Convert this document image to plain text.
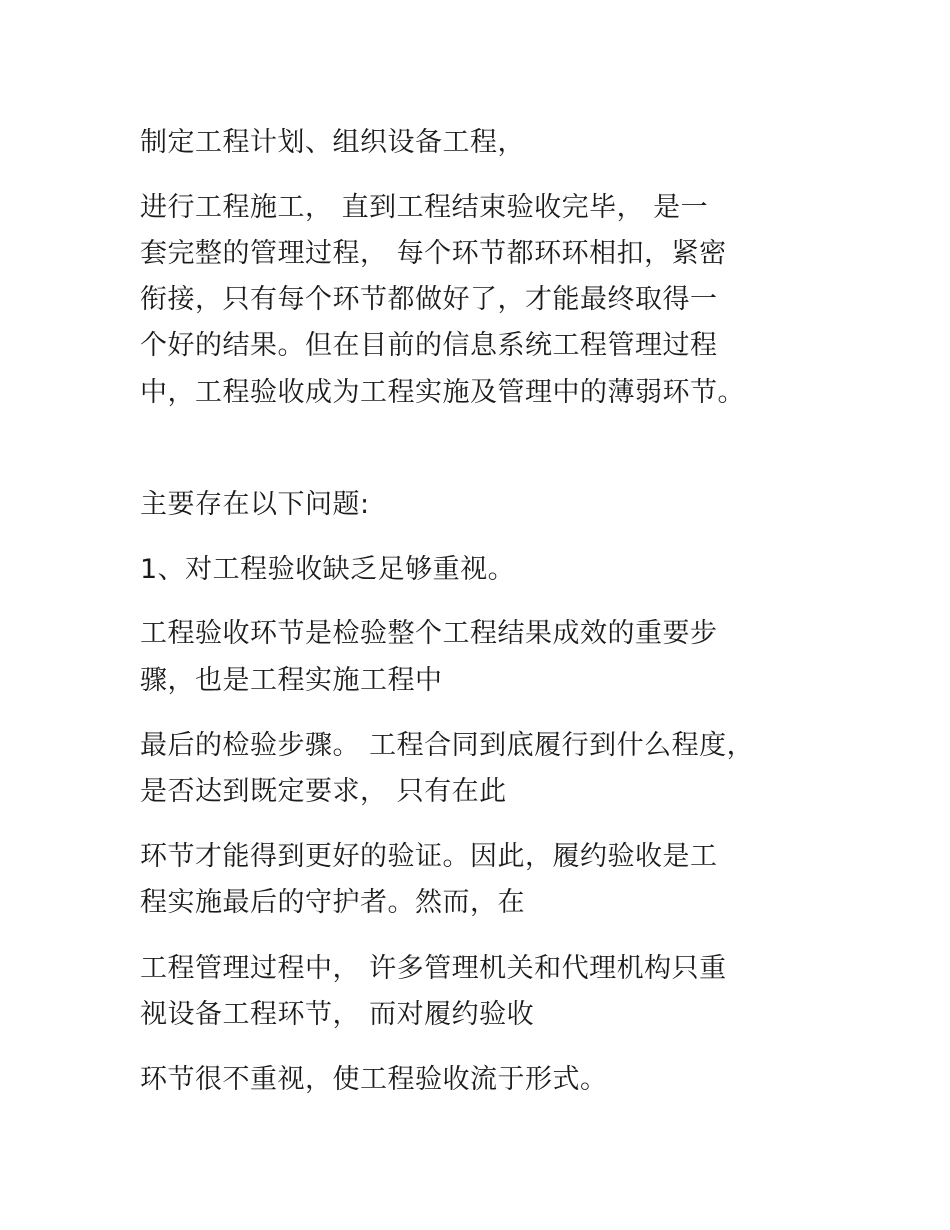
制定工程计划、组织设备工程，
进行工程施工， 直到工程结束验收完毕， 是一
套完整的管理过程， 每个环节都环环相扣，紧密
衔接，只有每个环节都做好了，才能最终取得一
个好的结果。但在目前的信息系统工程管理过程
中，工程验收成为工程实施及管理中的薄弱环节。
主要存在以下问题:
1、对工程验收缺乏足够重视。
工程验收环节是检验整个工程结果成效的重要步
骤，也是工程实施工程中
最后的检验步骤。 工程合同到底履行到什么程度，
是否达到既定要求， 只有在此
环节才能得到更好的验证。因此，履约验收是工
程实施最后的守护者。然而，在
工程管理过程中， 许多管理机关和代理机构只重
视设备工程环节， 而对履约验收
环节很不重视，使工程验收流于形式。
